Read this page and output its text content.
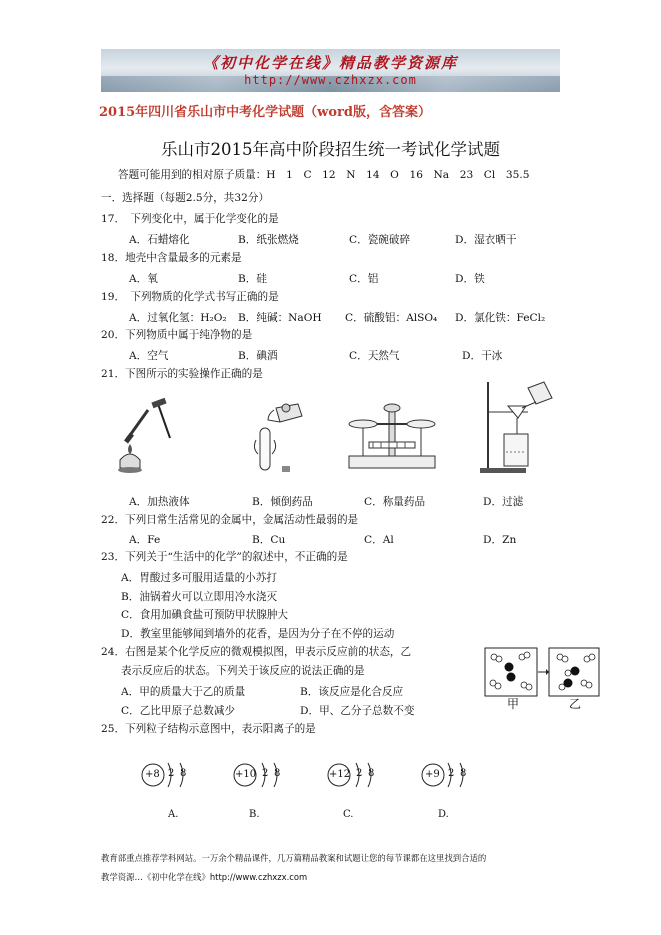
《初中化学在线》精品教学资源库
http://www.czhxzx.com
2015年四川省乐山市中考化学试题（word版，含答案）
乐山市2015年高中阶段招生统一考试化学试题
答题可能用到的相对原子质量：H　1　C　12　N　14　O　16　Na　23　Cl　35.5
一．选择题（每题2.5分，共32分）
17．　下列变化中，属于化学变化的是
A．石蜡熔化	B．纸张燃烧	C．瓷碗破碎	D．湿衣晒干
18．地壳中含量最多的元素是
A．氧	B．硅	C．铝	D．铁
19．　下列物质的化学式书写正确的是
A．过氧化氢：H₂O₂ B．纯碱：NaOH C．硫酸铝：AlSO₄ D．氯化铁：FeCl₂
20．下列物质中属于纯净物的是
A．空气	B．碘酒	C．天然气	D．干冰
21．下图所示的实验操作正确的是
A．加热液体	B．倾倒药品	C．称量药品	D．过滤
22．下列日常生活常见的金属中，金属活动性最弱的是
A．Fe	B．Cu	C．Al	D．Zn
23．下列关于“生活中的化学”的叙述中，不正确的是
A．胃酸过多可服用适量的小苏打
B．油锅着火可以立即用冷水浇灭
C．食用加碘食盐可预防甲状腺肿大
D．教室里能够闻到墙外的花香，是因为分子在不停的运动
24．右图是某个化学反应的微观模拟图，甲表示反应前的状态，乙
表示反应后的状态。下列关于该反应的说法正确的是
A．甲的质量大于乙的质量	B．该反应是化合反应
C．乙比甲原子总数减少	D．甲、乙分子总数不变	甲	乙
25．下列粒子结构示意图中，表示阳离子的是
+8 2 8
A.
+10 2 8
B.
+12 2 8
C.
+9 2 8
D.
教育部重点推荐学科网站。一万余个精品课件，几万篇精品教案和试题让您的每节课都在这里找到合适的
教学资源…《初中化学在线》http://www.czhxzx.com
